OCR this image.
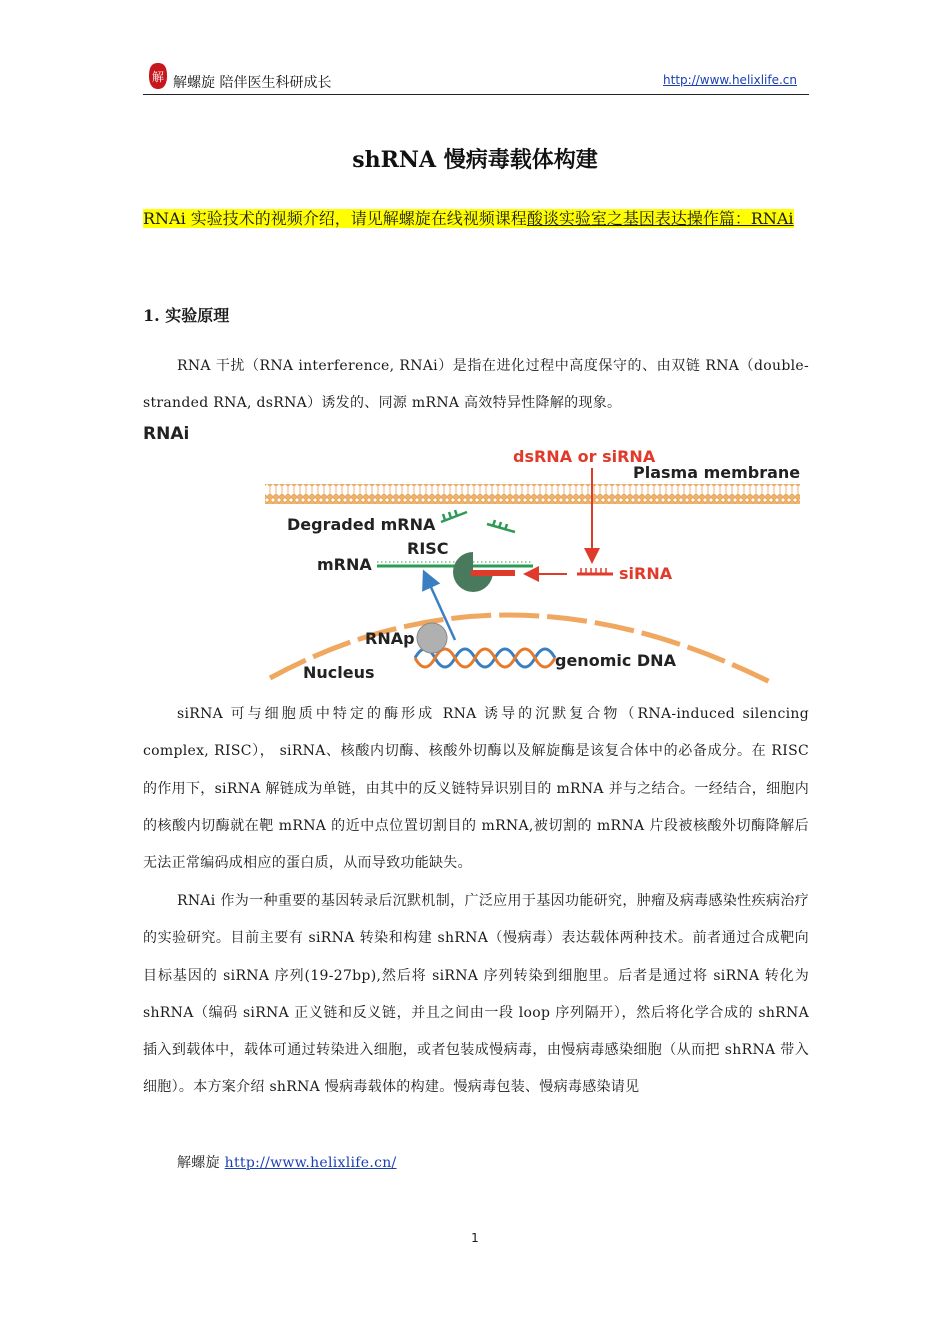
解 解螺旋 陪伴医生科研成长	http://www.helixlife.cn
shRNA 慢病毒载体构建
RNAi 实验技术的视频介绍，请见解螺旋在线视频课程酸谈实验室之基因表达操作篇：RNAi
1. 实验原理
RNA 干扰（RNA interference, RNAi）是指在进化过程中高度保守的、由双链 RNA（double-stranded RNA, dsRNA）诱发的、同源 mRNA 高效特异性降解的现象。
RNAi
Plasma membrane
dsRNA or siRNA
siRNA
mRNA
RISC
Degraded mRNA
Nucleus
RNAp
genomic DNA
siRNA 可与细胞质中特定的酶形成 RNA 诱导的沉默复合物（RNA-induced silencing complex, RISC）， siRNA、核酸内切酶、核酸外切酶以及解旋酶是该复合体中的必备成分。在 RISC 的作用下，siRNA 解链成为单链，由其中的反义链特异识别目的 mRNA 并与之结合。一经结合，细胞内的核酸内切酶就在靶 mRNA 的近中点位置切割目的 mRNA,被切割的 mRNA 片段被核酸外切酶降解后无法正常编码成相应的蛋白质，从而导致功能缺失。
RNAi 作为一种重要的基因转录后沉默机制，广泛应用于基因功能研究，肿瘤及病毒感染性疾病治疗的实验研究。目前主要有 siRNA 转染和构建 shRNA（慢病毒）表达载体两种技术。前者通过合成靶向目标基因的 siRNA 序列(19-27bp),然后将 siRNA 序列转染到细胞里。后者是通过将 siRNA 转化为 shRNA（编码 siRNA 正义链和反义链，并且之间由一段 loop 序列隔开），然后将化学合成的 shRNA 插入到载体中，载体可通过转染进入细胞，或者包装成慢病毒，由慢病毒感染细胞（从而把 shRNA 带入细胞）。本方案介绍 shRNA 慢病毒载体的构建。慢病毒包装、慢病毒感染请见
解螺旋 http://www.helixlife.cn/
1
